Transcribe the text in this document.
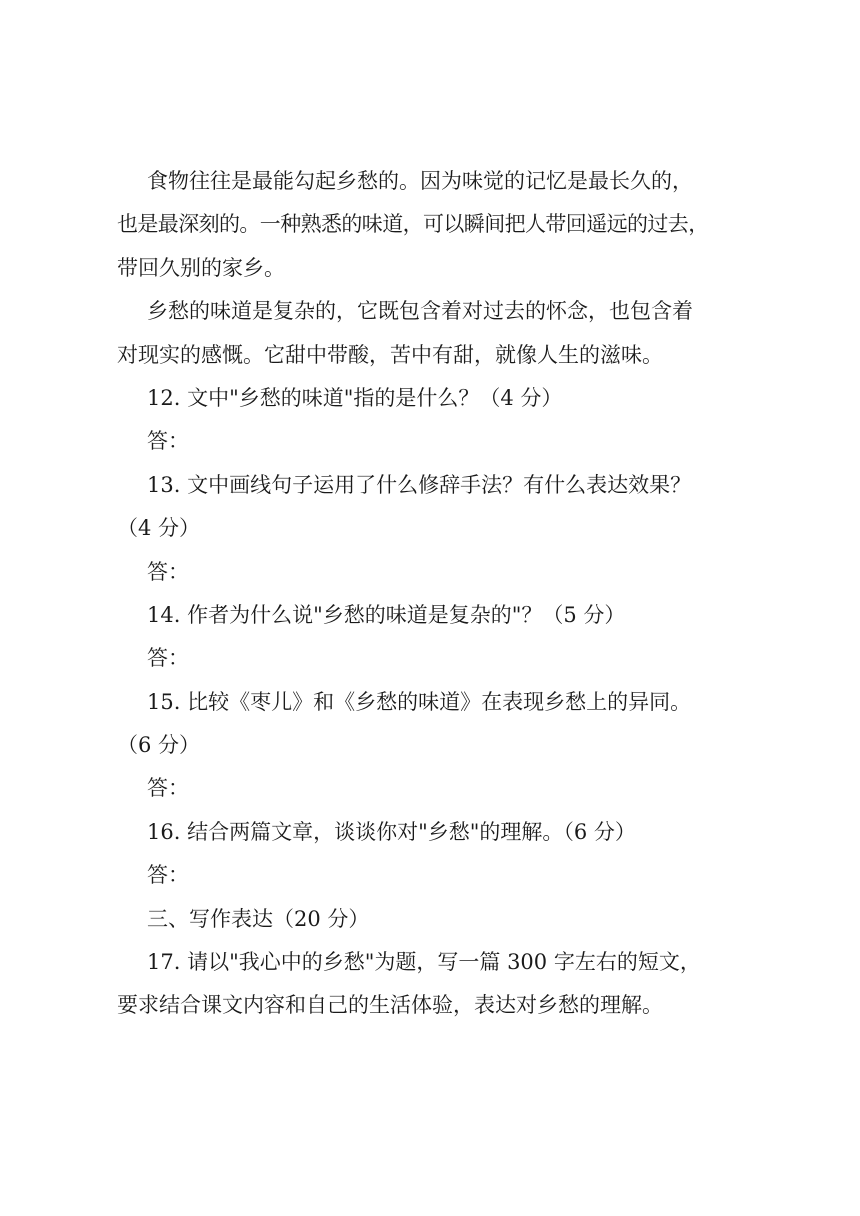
食物往往是最能勾起乡愁的。因为味觉的记忆是最长久的，
也是最深刻的。一种熟悉的味道，可以瞬间把人带回遥远的过去，
带回久别的家乡。
乡愁的味道是复杂的，它既包含着对过去的怀念，也包含着
对现实的感慨。它甜中带酸，苦中有甜，就像人生的滋味。
12. 文中"乡愁的味道"指的是什么？（4 分）
答：
13. 文中画线句子运用了什么修辞手法？有什么表达效果？
（4 分）
答：
14. 作者为什么说"乡愁的味道是复杂的"？（5 分）
答：
15. 比较《枣儿》和《乡愁的味道》在表现乡愁上的异同。
（6 分）
答：
16. 结合两篇文章，谈谈你对"乡愁"的理解。（6 分）
答：
三、写作表达（20 分）
17. 请以"我心中的乡愁"为题，写一篇 300 字左右的短文，
要求结合课文内容和自己的生活体验，表达对乡愁的理解。
